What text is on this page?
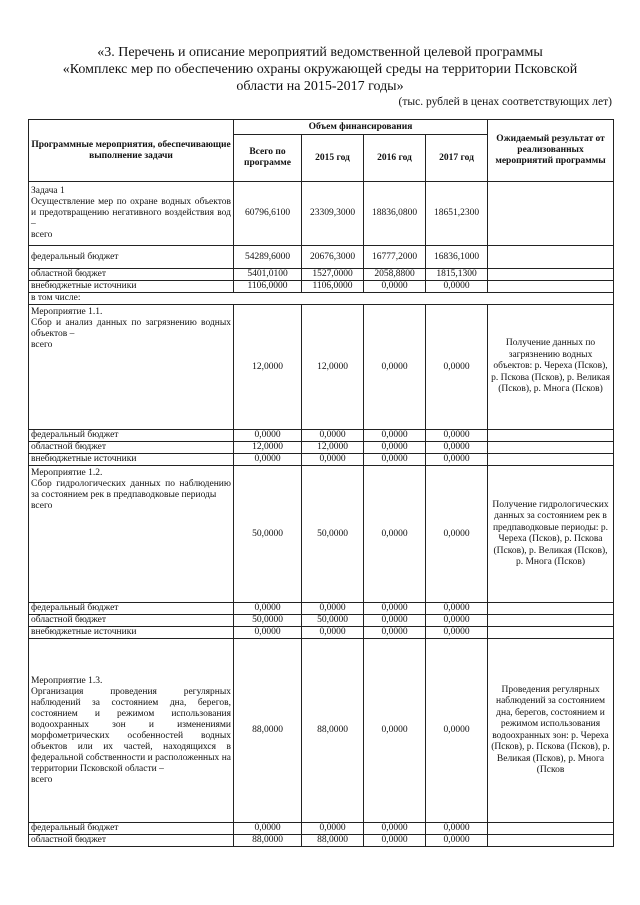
«3. Перечень и описание мероприятий ведомственной целевой программы
«Комплекс мер по обеспечению охраны окружающей среды на территории Псковской
области на 2015-2017 годы»
(тыс. рублей в ценах соответствующих лет)
Программные мероприятия, обеспечивающие выполнение задачи	Объем финансирования				Ожидаемый результат от реализованных мероприятий программы
	Всего по программе	2015 год	2016 год	2017 год	

Задача 1
Осуществление мер по охране водных объектов и предотвращению негативного воздействия вод –
всего	60796,6100	23309,3000	18836,0800	18651,2300	
федеральный бюджет	54289,6000	20676,3000	16777,2000	16836,1000	
областной бюджет	5401,0100	1527,0000	2058,8800	1815,1300	
внебюджетные источники	1106,0000	1106,0000	0,0000	0,0000	
в том числе:					

Мероприятие 1.1.
Сбор и анализ данных по загрязнению водных объектов –
всего	12,0000	12,0000	0,0000	0,0000	Получение данных по загрязнению водных объектов: р. Череха (Псков), р. Пскова (Псков), р. Великая (Псков), р. Многа (Псков)
федеральный бюджет	0,0000	0,0000	0,0000	0,0000	
областной бюджет	12,0000	12,0000	0,0000	0,0000	
внебюджетные источники	0,0000	0,0000	0,0000	0,0000	

Мероприятие 1.2.
Сбор гидрологических данных по наблюдению за состоянием рек в предпаводковые периоды
всего	50,0000	50,0000	0,0000	0,0000	Получение гидрологических данных за состоянием рек в предпаводковые периоды: р. Череха (Псков), р. Пскова (Псков), р. Великая (Псков), р. Многа (Псков)
федеральный бюджет	0,0000	0,0000	0,0000	0,0000	
областной бюджет	50,0000	50,0000	0,0000	0,0000	
внебюджетные источники	0,0000	0,0000	0,0000	0,0000	

Мероприятие 1.3.
Организация проведения регулярных наблюдений за состоянием дна, берегов, состоянием и режимом использования водоохранных зон и изменениями морфометрических особенностей водных объектов или их частей, находящихся в федеральной собственности и расположенных на территории Псковской области –
всего	88,0000	88,0000	0,0000	0,0000	Проведения регулярных наблюдений за состоянием дна, берегов, состоянием и режимом использования водоохранных зон: р. Череха (Псков), р. Пскова (Псков), р. Великая (Псков), р. Многа (Псков
федеральный бюджет	0,0000	0,0000	0,0000	0,0000	
областной бюджет	88,0000	88,0000	0,0000	0,0000	
